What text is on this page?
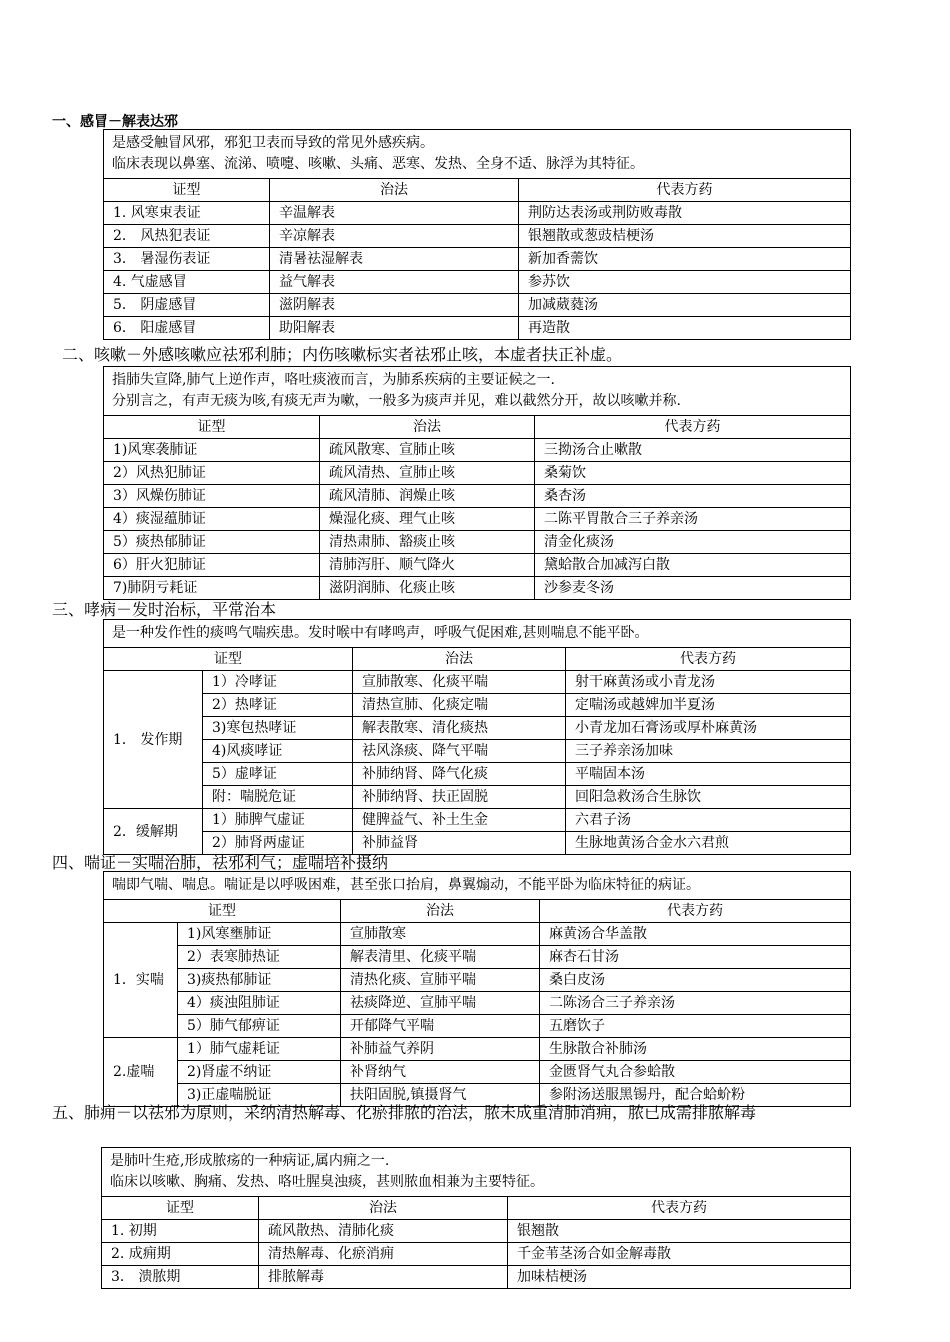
一、感冒－解表达邪
是感受触冒风邪，邪犯卫表而导致的常见外感疾病。
临床表现以鼻塞、流涕、喷嚏、咳嗽、头痛、恶寒、发热、全身不适、脉浮为其特征。		

证型	治法	代表方药
1. 风寒束表证	辛温解表	荆防达表汤或荆防败毒散
2． 风热犯表证	辛凉解表	银翘散或葱豉桔梗汤
3． 暑湿伤表证	清暑祛湿解表	新加香薷饮
4. 气虚感冒	益气解表	参苏饮
5． 阴虚感冒	滋阴解表	加减葳蕤汤
6． 阳虚感冒	助阳解表	再造散
二、咳嗽－外感咳嗽应祛邪利肺；内伤咳嗽标实者祛邪止咳，本虚者扶正补虚。
指肺失宣降,肺气上逆作声，咯吐痰液而言，为肺系疾病的主要证候之一.
分别言之，有声无痰为咳,有痰无声为嗽，一般多为痰声并见，难以截然分开，故以咳嗽并称.		

证型	治法	代表方药
1)风寒袭肺证	疏风散寒、宣肺止咳	三拗汤合止嗽散
2）风热犯肺证	疏风清热、宣肺止咳	桑菊饮
3）风燥伤肺证	疏风清肺、润燥止咳	桑杏汤
4）痰湿蕴肺证	燥湿化痰、理气止咳	二陈平胃散合三子养亲汤
5）痰热郁肺证	清热肃肺、豁痰止咳	清金化痰汤
6）肝火犯肺证	清肺泻肝、顺气降火	黛蛤散合加减泻白散
7)肺阴亏耗证	滋阴润肺、化痰止咳	沙参麦冬汤
三、哮病－发时治标，平常治本
是一种发作性的痰鸣气喘疾患。发时喉中有哮鸣声，呼吸气促困难,甚则喘息不能平卧。			

证型		治法	代表方药
1． 发作期	1）冷哮证	宣肺散寒、化痰平喘	射干麻黄汤或小青龙汤
	2）热哮证	清热宣肺、化痰定喘	定喘汤或越婢加半夏汤
	3)寒包热哮证	解表散寒、清化痰热	小青龙加石膏汤或厚朴麻黄汤
	4)风痰哮证	祛风涤痰、降气平喘	三子养亲汤加味
	5）虚哮证	补肺纳肾、降气化痰	平喘固本汤
	附：喘脱危证	补肺纳肾、扶正固脱	回阳急救汤合生脉饮
2．缓解期	1）肺脾气虚证	健脾益气、补土生金	六君子汤
	2）肺肾两虚证	补肺益肾	生脉地黄汤合金水六君煎
四、喘证－实喘治肺，祛邪利气；虚喘培补摄纳
喘即气喘、喘息。喘证是以呼吸困难，甚至张口抬肩，鼻翼煽动，不能平卧为临床特征的病证。			

证型		治法	代表方药
1．实喘	1)风寒壅肺证	宣肺散寒	麻黄汤合华盖散
	2）表寒肺热证	解表清里、化痰平喘	麻杏石甘汤
	3)痰热郁肺证	清热化痰、宣肺平喘	桑白皮汤
	4）痰浊阻肺证	祛痰降逆、宣肺平喘	二陈汤合三子养亲汤
	5）肺气郁痹证	开郁降气平喘	五磨饮子
2.虚喘	1）肺气虚耗证	补肺益气养阴	生脉散合补肺汤
	2)肾虚不纳证	补肾纳气	金匮肾气丸合参蛤散
	3)正虚喘脱证	扶阳固脱,镇摄肾气	参附汤送服黑锡丹，配合蛤蚧粉
五、肺痈－以祛邪为原则，采纳清热解毒、化瘀排脓的治法，脓未成重清肺消痈，脓已成需排脓解毒
是肺叶生疮,形成脓疡的一种病证,属内痈之一.
临床以咳嗽、胸痛、发热、咯吐腥臭浊痰，甚则脓血相兼为主要特征。		

证型	治法	代表方药
1. 初期	疏风散热、清肺化痰	银翘散
2. 成痈期	清热解毒、化瘀消痈	千金苇茎汤合如金解毒散
3． 溃脓期	排脓解毒	加味桔梗汤
